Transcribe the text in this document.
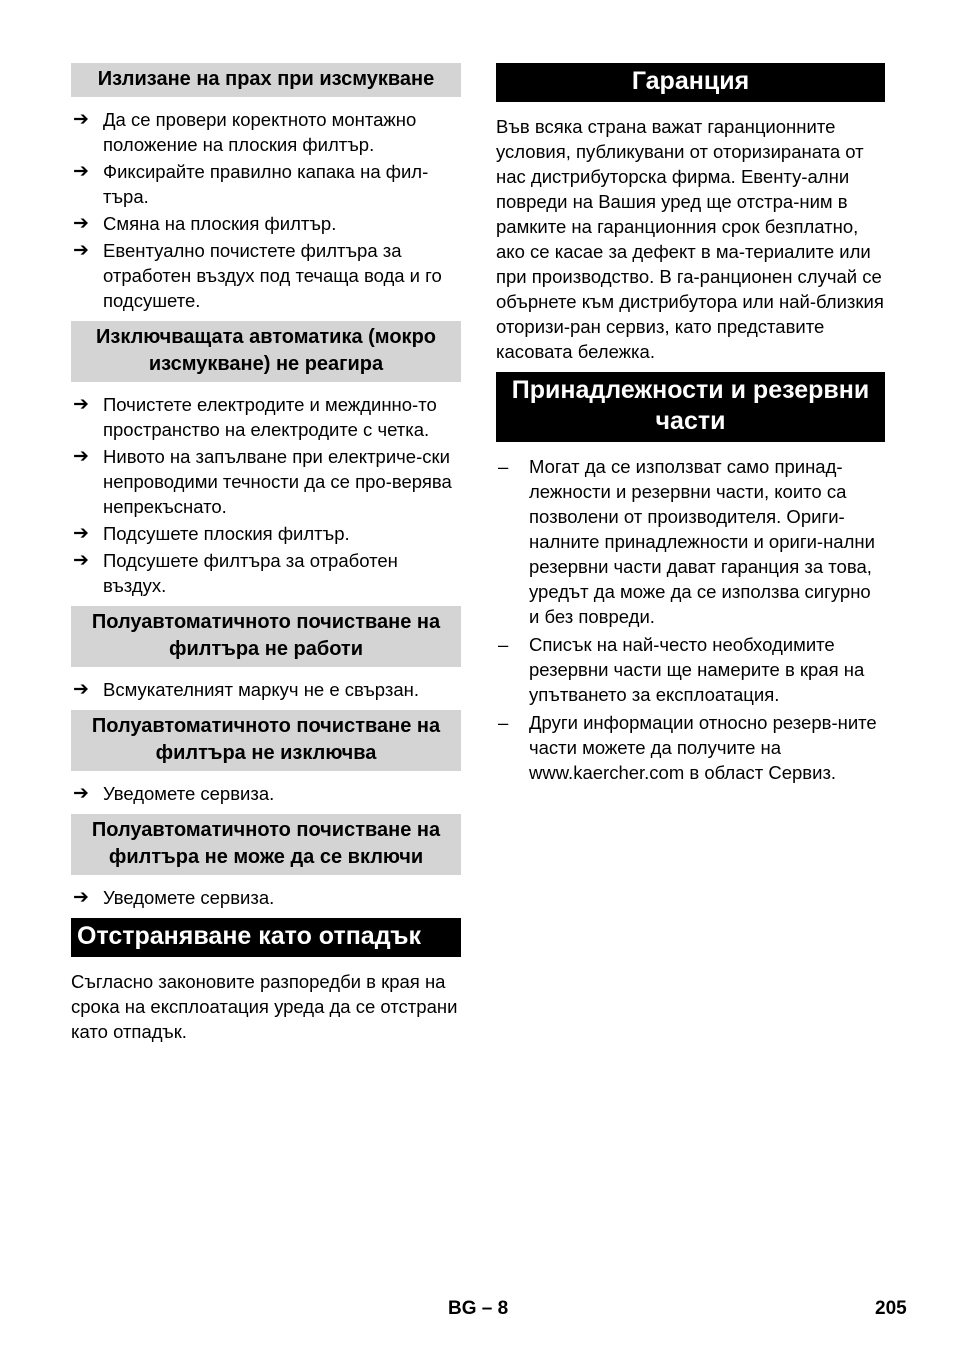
Излизане на прах при изсмукване
➔ Да се провери коректното монтажно положение на плоския филтър.
➔ Фиксирайте правилно капака на фил-търа.
➔ Смяна на плоския филтър.
➔ Евентуално почистете филтъра за отработен въздух под течаща вода и го подсушете.
Изключващата автоматика (мокро изсмукване) не реагира
➔ Почистете електродите и междинно-то пространство на електродите с четка.
➔ Нивото на запълване при електриче-ски непроводими течности да се про-верява непрекъснато.
➔ Подсушете плоския филтър.
➔ Подсушете филтъра за отработен въздух.
Полуавтоматичното почистване на филтъра не работи
➔ Всмукателният маркуч не е свързан.
Полуавтоматичното почистване на филтъра не изключва
➔ Уведомете сервиза.
Полуавтоматичното почистване на филтъра не може да се включи
➔ Уведомете сервиза.
Отстраняване като отпадък

Съгласно законовите разпоредби в края на срока на експлоатация уреда да се отстрани като отпадък.

Гаранция

Във всяка страна важат гаранционните условия, публикувани от оторизираната от нас дистрибуторска фирма. Евенту-ални повреди на Вашия уред ще отстра-ним в рамките на гаранционния срок безплатно, ако се касае за дефект в ма-териалите или при производство. В га-ранционен случай се обърнете към дистрибутора или най-близкия оторизи-ран сервиз, като представите касовата бележка.

Принадлежности и резервни части
– Могат да се използват само принад-лежности и резервни части, които са позволени от производителя. Ориги-налните принадлежности и ориги-нални резервни части дават гаранция за това, уредът да може да се използва сигурно и без повреди.
– Списък на най-често необходимите резервни части ще намерите в края на упътването за експлоатация.
– Други информации относно резерв-ните части можете да получите на www.kaercher.com в област Сервиз.
BG – 8	205
